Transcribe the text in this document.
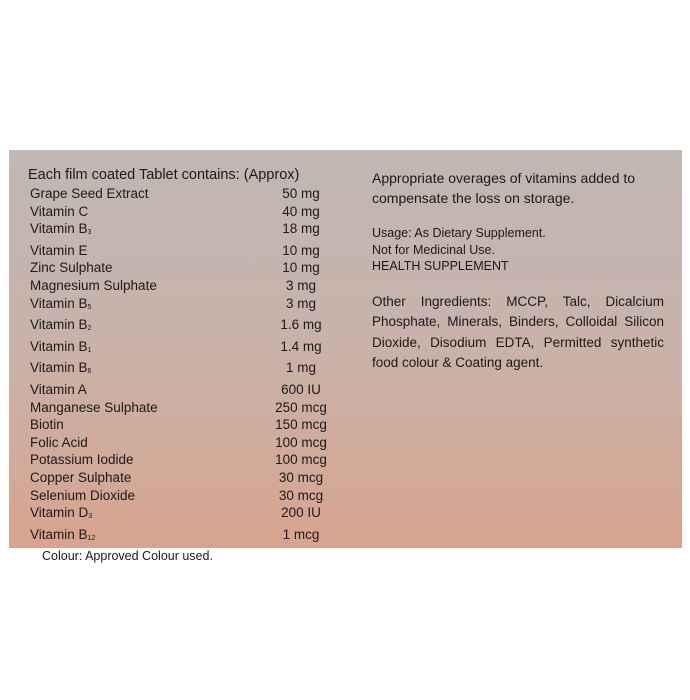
Each film coated Tablet contains: (Approx)
Grape Seed Extract	50 mg
Vitamin C	40 mg
Vitamin $B_3$	18 mg
Vitamin E	10 mg
Zinc Sulphate	10 mg
Magnesium Sulphate	3 mg
Vitamin $B_5$	3 mg
Vitamin $B_2$	1.6 mg
Vitamin $B_1$	1.4 mg
Vitamin $B_6$	1 mg
Vitamin A	600 IU
Manganese Sulphate	250 mcg
Biotin	150 mcg
Folic Acid	100 mcg
Potassium Iodide	100 mcg
Copper Sulphate	30 mcg
Selenium Dioxide	30 mcg
Vitamin $D_3$	200 IU
Vitamin $B_{12}$	1 mcg
Colour: Approved Colour used.
Appropriate overages of vitamins added to compensate the loss on storage.
Usage: As Dietary Supplement.
Not for Medicinal Use.
HEALTH SUPPLEMENT
Other Ingredients: MCCP, Talc, Dicalcium Phosphate, Minerals, Binders, Colloidal Silicon Dioxide, Disodium EDTA, Permitted synthetic food colour & Coating agent.
